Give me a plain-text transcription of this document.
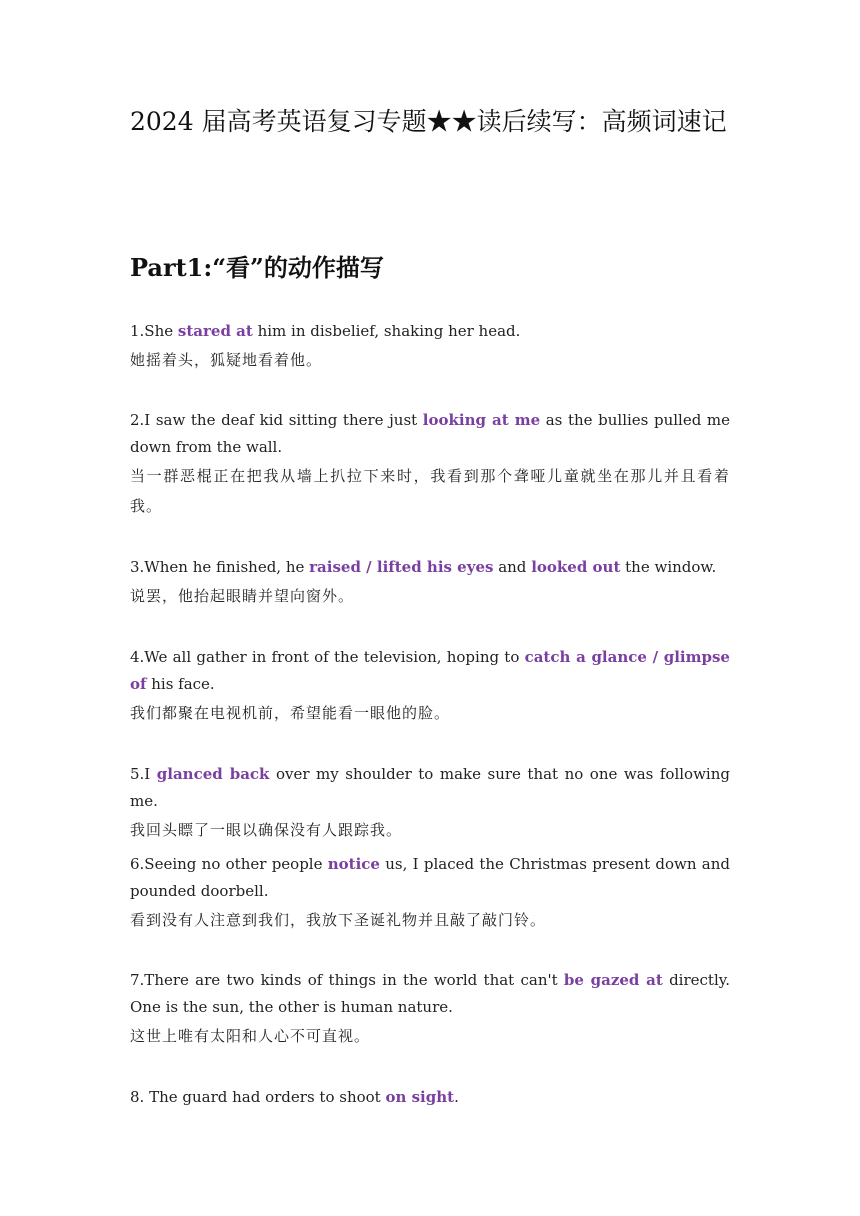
2024 届高考英语复习专题★★读后续写：高频词速记
Part1:“看”的动作描写

1.She stared at him in disbelief, shaking her head.

她摇着头，狐疑地看着他。

2.I saw the deaf kid sitting there just looking at me as the bullies pulled me down from the wall.

当一群恶棍正在把我从墙上扒拉下来时，我看到那个聋哑儿童就坐在那儿并且看着我。

3.When he finished, he raised / lifted his eyes and looked out the window.

说罢，他抬起眼睛并望向窗外。

4.We all gather in front of the television, hoping to catch a glance / glimpse of his face.

我们都聚在电视机前，希望能看一眼他的脸。

5.I glanced back over my shoulder to make sure that no one was following me.

我回头瞟了一眼以确保没有人跟踪我。

6.Seeing no other people notice us, I placed the Christmas present down and pounded doorbell.

看到没有人注意到我们，我放下圣诞礼物并且敲了敲门铃。

7.There are two kinds of things in the world that can't be gazed at directly. One is the sun, the other is human nature.

这世上唯有太阳和人心不可直视。

8. The guard had orders to shoot on sight.
